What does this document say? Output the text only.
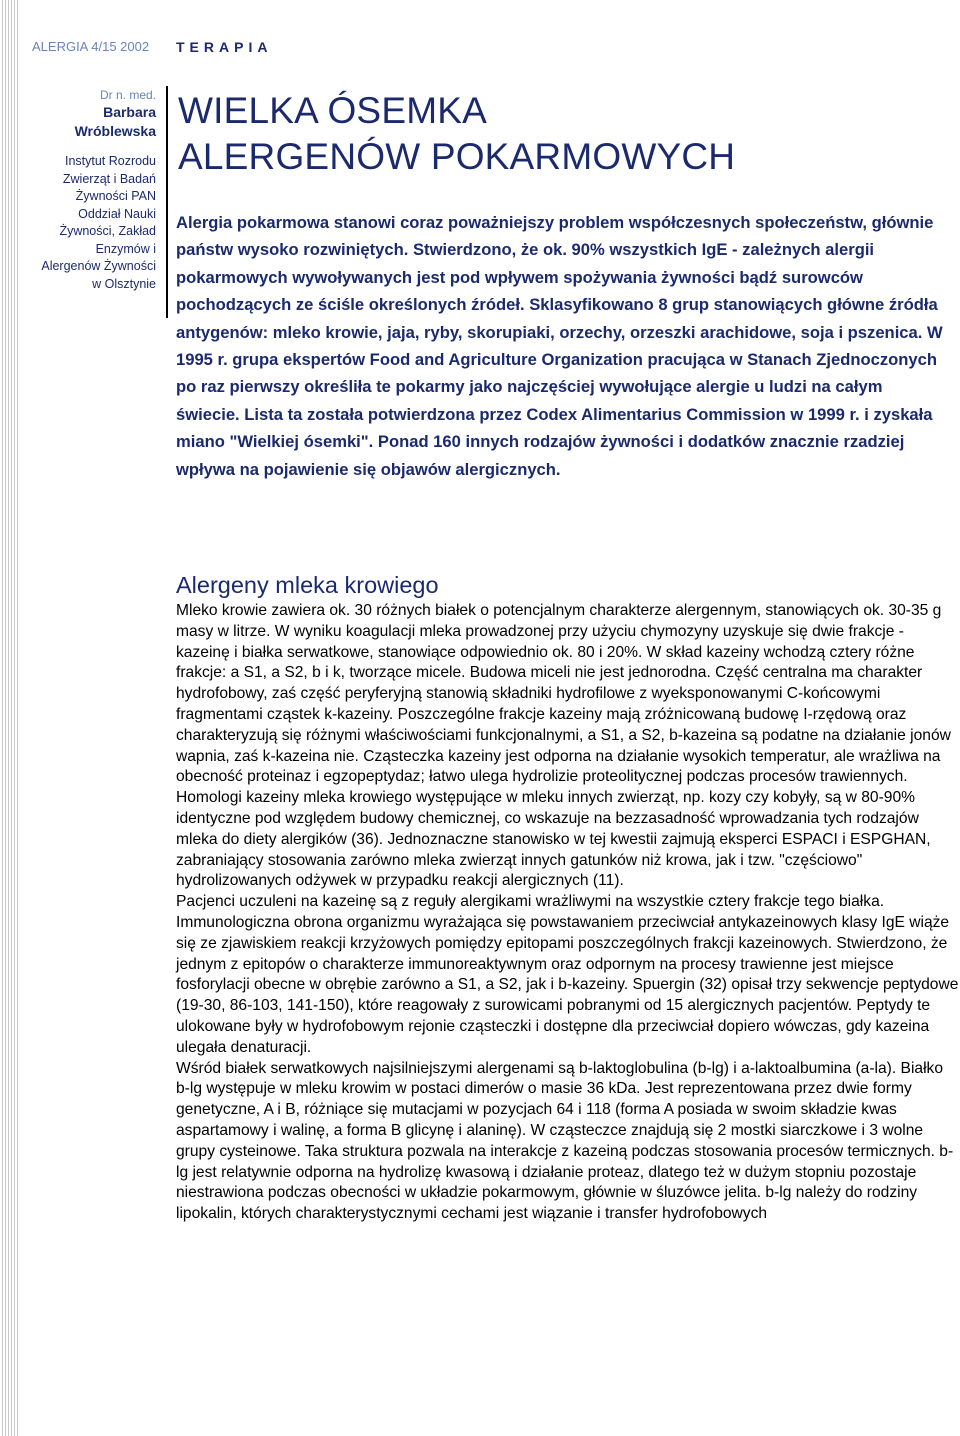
ALERGIA 4/15 2002 TERAPIA
Dr n. med.
Barbara
Wróblewska
Instytut Rozrodu
Zwierząt i Badań
Żywności PAN
Oddział Nauki
Żywności, Zakład
Enzymów i
Alergenów Żywności
w Olsztynie
WIELKA ÓSEMKA
ALERGENÓW POKARMOWYCH

Alergia pokarmowa stanowi coraz poważniejszy problem współczesnych społeczeństw, głównie państw wysoko rozwiniętych. Stwierdzono, że ok. 90% wszystkich IgE - zależnych alergii pokarmowych wywoływanych jest pod wpływem spożywania żywności bądź surowców pochodzących ze ściśle określonych źródeł. Sklasyfikowano 8 grup stanowiących główne źródła antygenów: mleko krowie, jaja, ryby, skorupiaki, orzechy, orzeszki arachidowe, soja i pszenica. W 1995 r. grupa ekspertów Food and Agriculture Organization pracująca w Stanach Zjednoczonych po raz pierwszy określiła te pokarmy jako najczęściej wywołujące alergie u ludzi na całym świecie. Lista ta została potwierdzona przez Codex Alimentarius Commission w 1999 r. i zyskała miano "Wielkiej ósemki". Ponad 160 innych rodzajów żywności i dodatków znacznie rzadziej wpływa na pojawienie się objawów alergicznych.

Alergeny mleka krowiego

Mleko krowie zawiera ok. 30 różnych białek o potencjalnym charakterze alergennym, stanowiących ok. 30-35 g masy w litrze. W wyniku koagulacji mleka prowadzonej przy użyciu chymozyny uzyskuje się dwie frakcje - kazeinę i białka serwatkowe, stanowiące odpowiednio ok. 80 i 20%. W skład kazeiny wchodzą cztery różne frakcje: a S1, a S2, b i k, tworzące micele. Budowa miceli nie jest jednorodna. Część centralna ma charakter hydrofobowy, zaś część peryferyjną stanowią składniki hydrofilowe z wyeksponowanymi C-końcowymi fragmentami cząstek k-kazeiny. Poszczególne frakcje kazeiny mają zróżnicowaną budowę I-rzędową oraz charakteryzują się różnymi właściwościami funkcjonalnymi, a S1, a S2, b-kazeina są podatne na działanie jonów wapnia, zaś k-kazeina nie. Cząsteczka kazeiny jest odporna na działanie wysokich temperatur, ale wrażliwa na obecność proteinaz i egzopeptydaz; łatwo ulega hydrolizie proteolitycznej podczas procesów trawiennych. Homologi kazeiny mleka krowiego występujące w mleku innych zwierząt, np. kozy czy kobyły, są w 80-90% identyczne pod względem budowy chemicznej, co wskazuje na bezzasadność wprowadzania tych rodzajów mleka do diety alergików (36). Jednoznaczne stanowisko w tej kwestii zajmują eksperci ESPACI i ESPGHAN, zabraniający stosowania zarówno mleka zwierząt innych gatunków niż krowa, jak i tzw. "częściowo" hydrolizowanych odżywek w przypadku reakcji alergicznych (11).

Pacjenci uczuleni na kazeinę są z reguły alergikami wrażliwymi na wszystkie cztery frakcje tego białka. Immunologiczna obrona organizmu wyrażająca się powstawaniem przeciwciał antykazeinowych klasy IgE wiąże się ze zjawiskiem reakcji krzyżowych pomiędzy epitopami poszczególnych frakcji kazeinowych. Stwierdzono, że jednym z epitopów o charakterze immunoreaktywnym oraz odpornym na procesy trawienne jest miejsce fosforylacji obecne w obrębie zarówno a S1, a S2, jak i b-kazeiny. Spuergin (32) opisał trzy sekwencje peptydowe (19-30, 86-103, 141-150), które reagowały z surowicami pobranymi od 15 alergicznych pacjentów. Peptydy te ulokowane były w hydrofobowym rejonie cząsteczki i dostępne dla przeciwciał dopiero wówczas, gdy kazeina ulegała denaturacji.

Wśród białek serwatkowych najsilniejszymi alergenami są b-laktoglobulina (b-lg) i a-laktoalbumina (a-la). Białko b-lg występuje w mleku krowim w postaci dimerów o masie 36 kDa. Jest reprezentowana przez dwie formy genetyczne, A i B, różniące się mutacjami w pozycjach 64 i 118 (forma A posiada w swoim składzie kwas aspartamowy i walinę, a forma B glicynę i alaninę). W cząsteczce znajdują się 2 mostki siarczkowe i 3 wolne grupy cysteinowe. Taka struktura pozwala na interakcje z kazeiną podczas stosowania procesów termicznych. b-lg jest relatywnie odporna na hydrolizę kwasową i działanie proteaz, dlatego też w dużym stopniu pozostaje niestrawiona podczas obecności w układzie pokarmowym, głównie w śluzówce jelita. b-lg należy do rodziny lipokalin, których charakterystycznymi cechami jest wiązanie i transfer hydrofobowych
